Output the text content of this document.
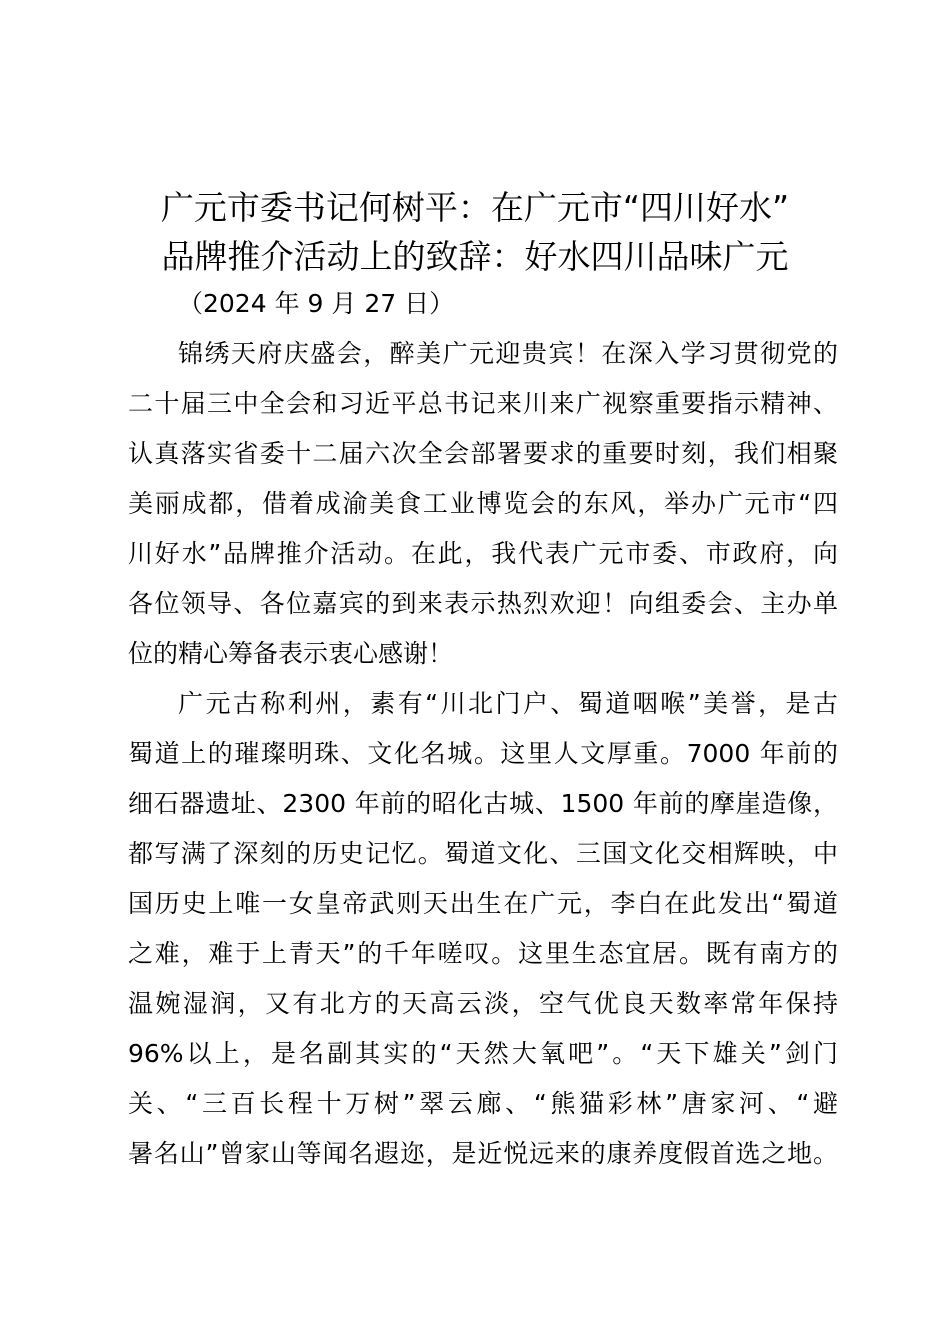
广元市委书记何树平：在广元市“四川好水”
品牌推介活动上的致辞：好水四川品味广元
（2024 年 9 月 27 日）
锦绣天府庆盛会，醉美广元迎贵宾！在深入学习贯彻党的
二十届三中全会和习近平总书记来川来广视察重要指示精神、
认真落实省委十二届六次全会部署要求的重要时刻，我们相聚
美丽成都，借着成渝美食工业博览会的东风，举办广元市“四
川好水”品牌推介活动。在此，我代表广元市委、市政府，向
各位领导、各位嘉宾的到来表示热烈欢迎！向组委会、主办单
位的精心筹备表示衷心感谢！
广元古称利州，素有“川北门户、蜀道咽喉”美誉，是古
蜀道上的璀璨明珠、文化名城。这里人文厚重。7000 年前的
细石器遗址、2300 年前的昭化古城、1500 年前的摩崖造像，
都写满了深刻的历史记忆。蜀道文化、三国文化交相辉映，中
国历史上唯一女皇帝武则天出生在广元，李白在此发出“蜀道
之难，难于上青天”的千年嗟叹。这里生态宜居。既有南方的
温婉湿润，又有北方的天高云淡，空气优良天数率常年保持
96%以上，是名副其实的“天然大氧吧”。“天下雄关”剑门
关、“三百长程十万树”翠云廊、“熊猫彩林”唐家河、“避
暑名山”曾家山等闻名遐迩，是近悦远来的康养度假首选之地。
